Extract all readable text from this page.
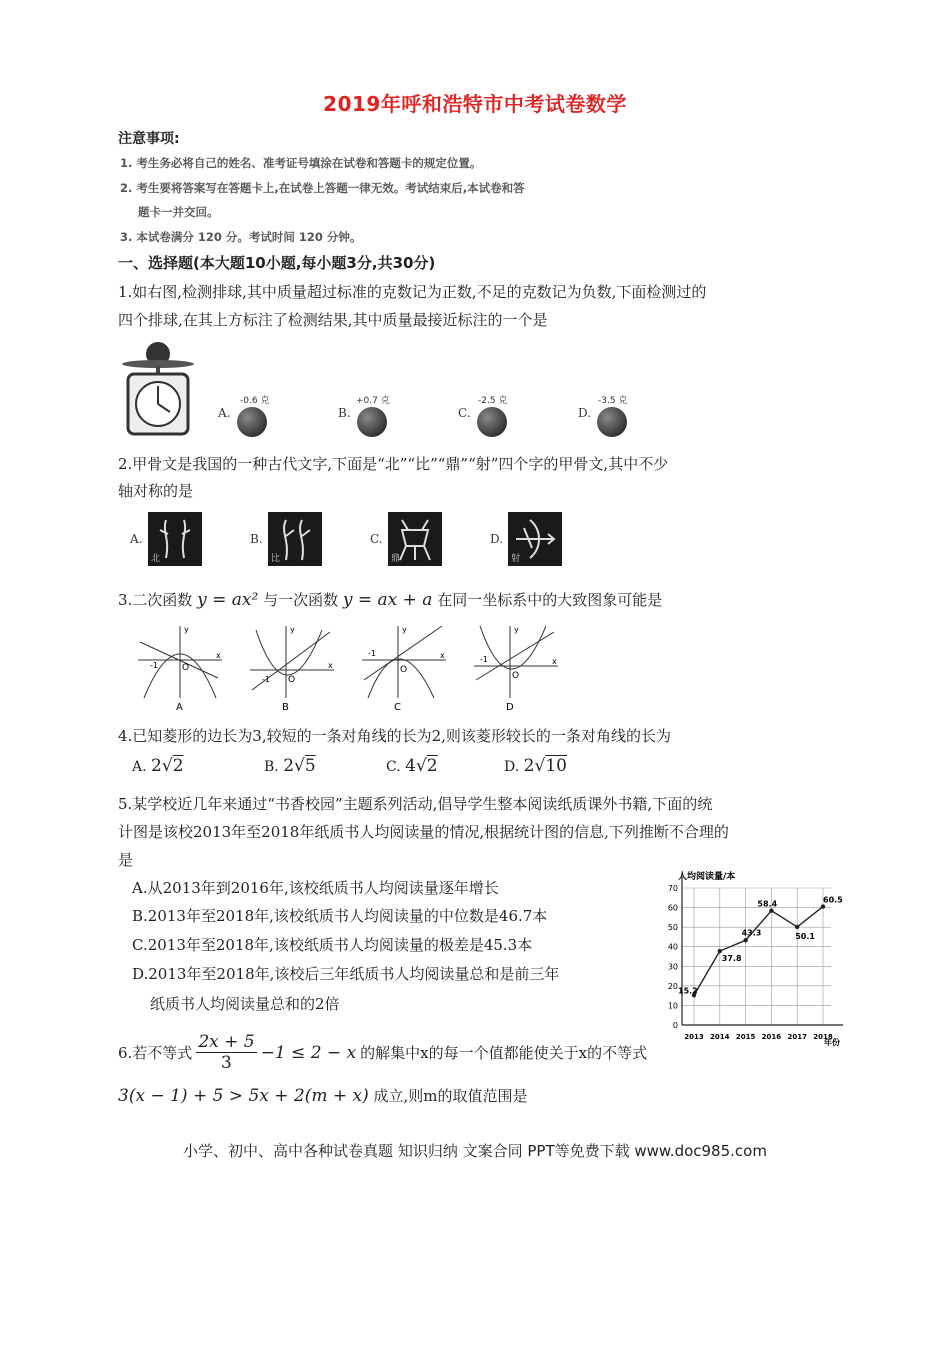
2019年呼和浩特市中考试卷数学
注意事项:
1. 考生务必将自己的姓名、准考证号填涂在试卷和答题卡的规定位置。
2. 考生要将答案写在答题卡上,在试卷上答题一律无效。考试结束后,本试卷和答
题卡一并交回。
3. 本试卷满分 120 分。考试时间 120 分钟。
一、选择题(本大题10小题,每小题3分,共30分)
1.如右图,检测排球,其中质量超过标准的克数记为正数,不足的克数记为负数,下面检测过的
四个排球,在其上方标注了检测结果,其中质量最接近标注的一个是
A.
-0.6 克
B.
+0.7 克
C.
-2.5 克
D.
-3.5 克
2.甲骨文是我国的一种古代文字,下面是“北”“比”“鼎”“射”四个字的甲骨文,其中不少
轴对称的是
A.
北
B.
比
C.
鼎
D.
射
3.二次函数 y = ax² 与一次函数 y = ax + a 在同一坐标系中的大致图象可能是
y
x
O
-1
A
y
x
O
-1
B
y
x
O
-1
C
y
x
O
-1
D
4.已知菱形的边长为3,较短的一条对角线的长为2,则该菱形较长的一条对角线的长为
A. 2√2	B. 2√5	C. 4√2	D. 2√10
5.某学校近几年来通过“书香校园”主题系列活动,倡导学生整本阅读纸质课外书籍,下面的统
计图是该校2013年至2018年纸质书人均阅读量的情况,根据统计图的信息,下列推断不合理的
是
A.从2013年到2016年,该校纸质书人均阅读量逐年增长
B.2013年至2018年,该校纸质书人均阅读量的中位数是46.7本
C.2013年至2018年,该校纸质书人均阅读量的极差是45.3本
D.2013年至2018年,该校后三年纸质书人均阅读量总和是前三年
纸质书人均阅读量总和的2倍
人均阅读量/本
0
10
20
30
40
50
60
70
2013 2014 2015 2016 2017 2018
15.2
37.8
43.3
58.4
50.1
60.5
年份
6.若不等式 $\frac{2x + 5}{3} -1 \le 2 - x$ 的解集中x的每一个值都能使关于x的不等式
3(x − 1) + 5 > 5x + 2(m + x) 成立,则m的取值范围是
小学、初中、高中各种试卷真题 知识归纳 文案合同 PPT等免费下载 www.doc985.com
